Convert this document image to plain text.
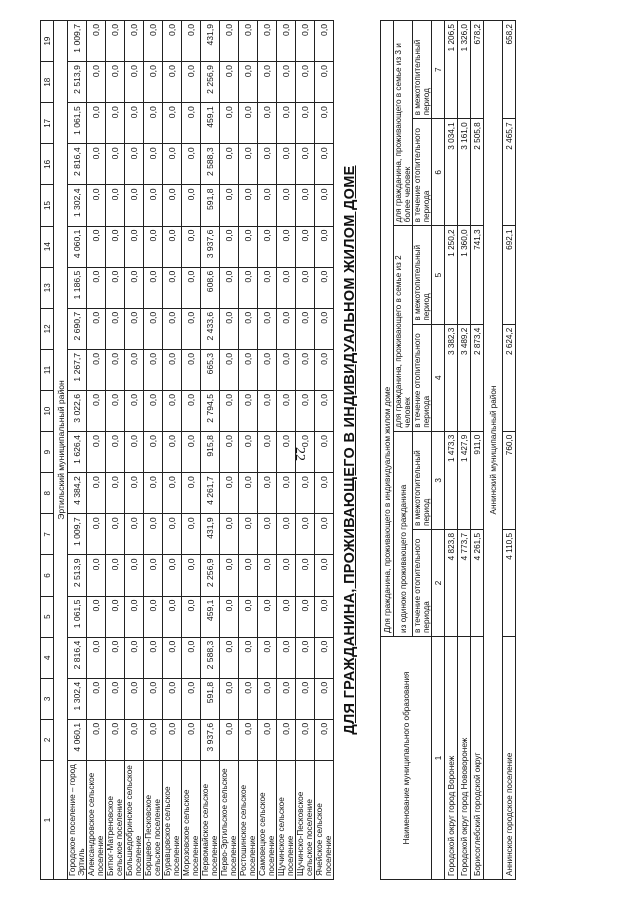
22
1	2	3	4	5	6	7	8	9	10	11	12	13	14	15	16	17	18	19
Эртильский муниципальный район																		
Городское поселение – город Эртиль	4 060,1	1 302,4	2 816,4	1 061,5	2 513,9	1 009,7	4 384,2	1 626,4	3 022,6	1 267,7	2 690,7	1 186,5	4 060,1	1 302,4	2 816,4	1 061,5	2 513,9	1 009,7
Александровское сельское поселение	0,0	0,0	0,0	0,0	0,0	0,0	0,0	0,0	0,0	0,0	0,0	0,0	0,0	0,0	0,0	0,0	0,0	0,0
Битюг-Матреновское сельское поселение	0,0	0,0	0,0	0,0	0,0	0,0	0,0	0,0	0,0	0,0	0,0	0,0	0,0	0,0	0,0	0,0	0,0	0,0
Большедобринское сельское поселение	0,0	0,0	0,0	0,0	0,0	0,0	0,0	0,0	0,0	0,0	0,0	0,0	0,0	0,0	0,0	0,0	0,0	0,0
Борщево-Песковское сельское поселение	0,0	0,0	0,0	0,0	0,0	0,0	0,0	0,0	0,0	0,0	0,0	0,0	0,0	0,0	0,0	0,0	0,0	0,0
Буравцовское сельское поселение	0,0	0,0	0,0	0,0	0,0	0,0	0,0	0,0	0,0	0,0	0,0	0,0	0,0	0,0	0,0	0,0	0,0	0,0
Морозовское сельское поселение	0,0	0,0	0,0	0,0	0,0	0,0	0,0	0,0	0,0	0,0	0,0	0,0	0,0	0,0	0,0	0,0	0,0	0,0
Первомайское сельское поселение	3 937,6	591,8	2 588,3	459,1	2 256,9	431,9	4 261,7	915,8	2 794,5	665,3	2 433,6	608,6	3 937,6	591,8	2 588,3	459,1	2 256,9	431,9
Перво-Эртильское сельское поселение	0,0	0,0	0,0	0,0	0,0	0,0	0,0	0,0	0,0	0,0	0,0	0,0	0,0	0,0	0,0	0,0	0,0	0,0
Ростошинское сельское поселение	0,0	0,0	0,0	0,0	0,0	0,0	0,0	0,0	0,0	0,0	0,0	0,0	0,0	0,0	0,0	0,0	0,0	0,0
Самовецкое сельское поселение	0,0	0,0	0,0	0,0	0,0	0,0	0,0	0,0	0,0	0,0	0,0	0,0	0,0	0,0	0,0	0,0	0,0	0,0
Щучинское сельское поселение	0,0	0,0	0,0	0,0	0,0	0,0	0,0	0,0	0,0	0,0	0,0	0,0	0,0	0,0	0,0	0,0	0,0	0,0
Щучинско-Песковское сельское поселение	0,0	0,0	0,0	0,0	0,0	0,0	0,0	0,0	0,0	0,0	0,0	0,0	0,0	0,0	0,0	0,0	0,0	0,0
Ячейское сельское поселение	0,0	0,0	0,0	0,0	0,0	0,0	0,0	0,0	0,0	0,0	0,0	0,0	0,0	0,0	0,0	0,0	0,0	0,0
ДЛЯ ГРАЖДАНИНА, ПРОЖИВАЮЩЕГО В ИНДИВИДУАЛЬНОМ ЖИЛОМ ДОМЕ
Наименование муниципального образования	Для гражданина, проживающего в индивидуальном жилом доме					
	из одиноко проживающего гражданина		для гражданина, проживающего в семье из 2 человек		для гражданина, проживающего в семье из 3 и более человек	
	в течение отопительного периода	в межотопительный период	в течение отопительного периода	в межотопительный период	в течение отопительного периода	в межотопительный период
1	2	3	4	5	6	7
Городской округ город Воронеж	4 823,8	1 473,3	3 382,3	1 250,2	3 034,1	1 206,5
Городской округ город Нововоронеж	4 773,7	1 427,9	3 489,2	1 360,0	3 161,0	1 326,0
Борисоглебский городской округ	4 261,5	911,0	2 873,4	741,3	2 505,8	678,2
Аннинский муниципальный район						
Аннинское городское поселение	4 110,5	760,0	2 624,2	692,1	2 465,7	658,2
